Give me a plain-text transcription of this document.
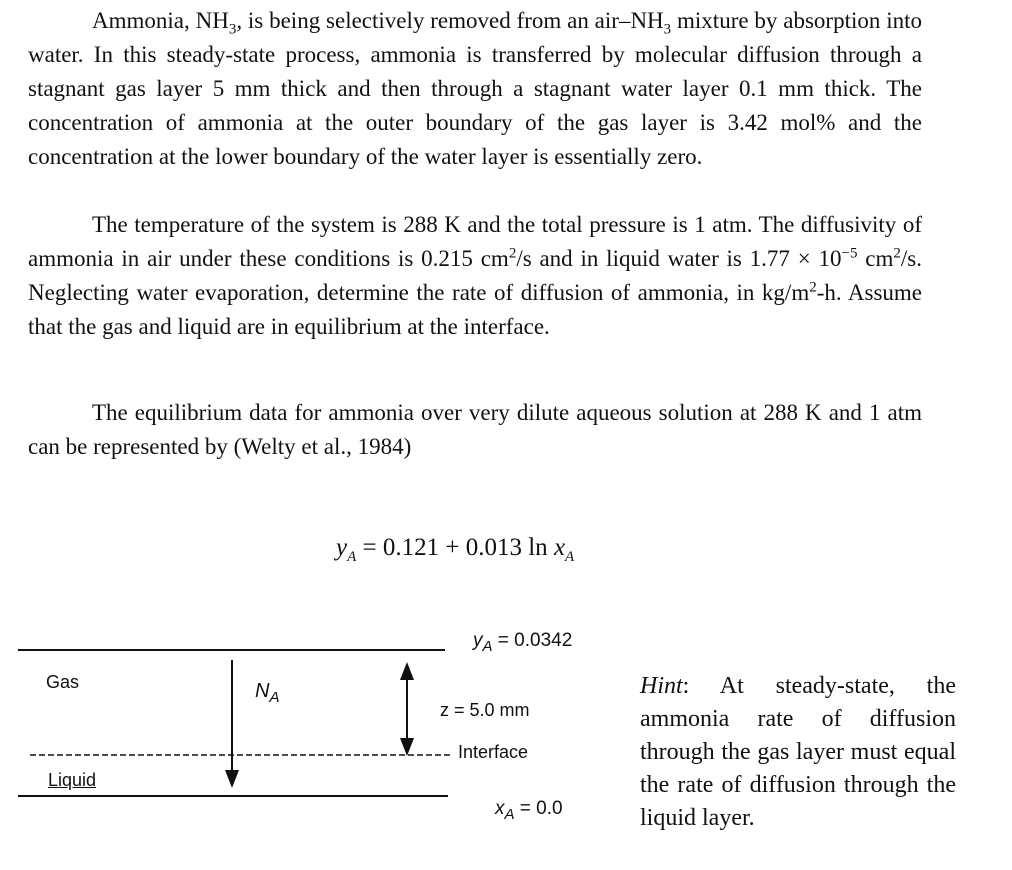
Ammonia, $NH_3$, is being selectively removed from an air–$NH_3$ mixture by absorption into water. In this steady-state process, ammonia is transferred by molecular diffusion through a stagnant gas layer 5 mm thick and then through a stagnant water layer 0.1 mm thick. The concentration of ammonia at the outer boundary of the gas layer is 3.42 mol% and the concentration at the lower boundary of the water layer is essentially zero.

The temperature of the system is 288 K and the total pressure is 1 atm. The diffusivity of ammonia in air under these conditions is 0.215 $cm^2/s$ and in liquid water is $1.77 \times 10^{-5}$ $cm^2/s$. Neglecting water evaporation, determine the rate of diffusion of ammonia, in $kg/m^2-h$. Assume that the gas and liquid are in equilibrium at the interface.

The equilibrium data for ammonia over very dilute aqueous solution at 288 K and 1 atm can be represented by (Welty et al., 1984)

$y_A = 0.121 + 0.013$ $\ln x_A$
Gas
Liquid
$N_A$
$y_A = 0.0342$
z = 5.0 mm
Interface
$x_A = 0.0$
Hint: At steady-state, the ammonia rate of diffusion through the gas layer must equal the rate of diffusion through the liquid layer.
